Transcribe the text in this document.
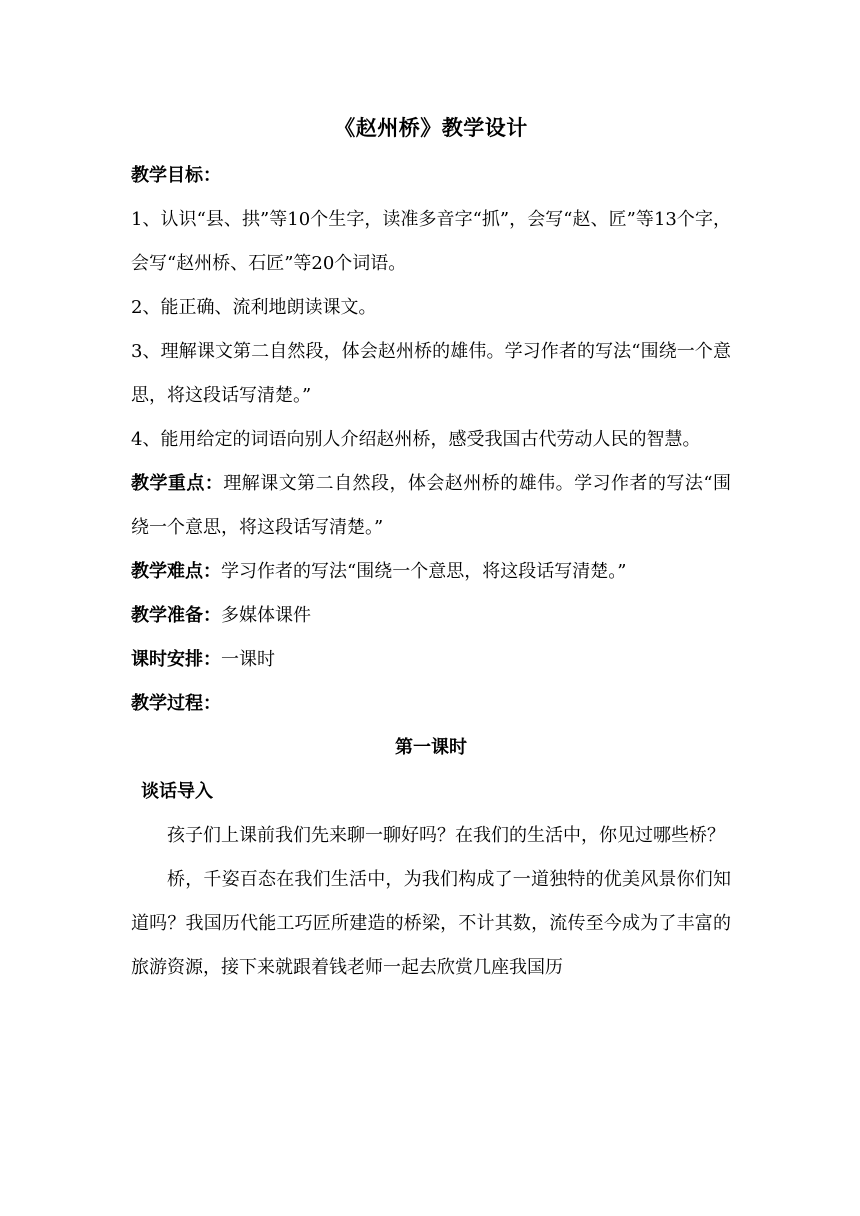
《赵州桥》教学设计

教学目标：

1、认识“县、拱”等10个生字，读准多音字“抓”，会写“赵、匠”等13个字，会写“赵州桥、石匠”等20个词语。

2、能正确、流利地朗读课文。

3、理解课文第二自然段，体会赵州桥的雄伟。学习作者的写法“围绕一个意思，将这段话写清楚。”

4、能用给定的词语向别人介绍赵州桥，感受我国古代劳动人民的智慧。

教学重点：理解课文第二自然段，体会赵州桥的雄伟。学习作者的写法“围绕一个意思，将这段话写清楚。”

教学难点：学习作者的写法“围绕一个意思，将这段话写清楚。”

教学准备：多媒体课件

课时安排：一课时

教学过程：

第一课时

谈话导入

孩子们上课前我们先来聊一聊好吗？在我们的生活中，你见过哪些桥？

桥，千姿百态在我们生活中，为我们构成了一道独特的优美风景你们知道吗？我国历代能工巧匠所建造的桥梁，不计其数，流传至今成为了丰富的旅游资源，接下来就跟着钱老师一起去欣赏几座我国历
